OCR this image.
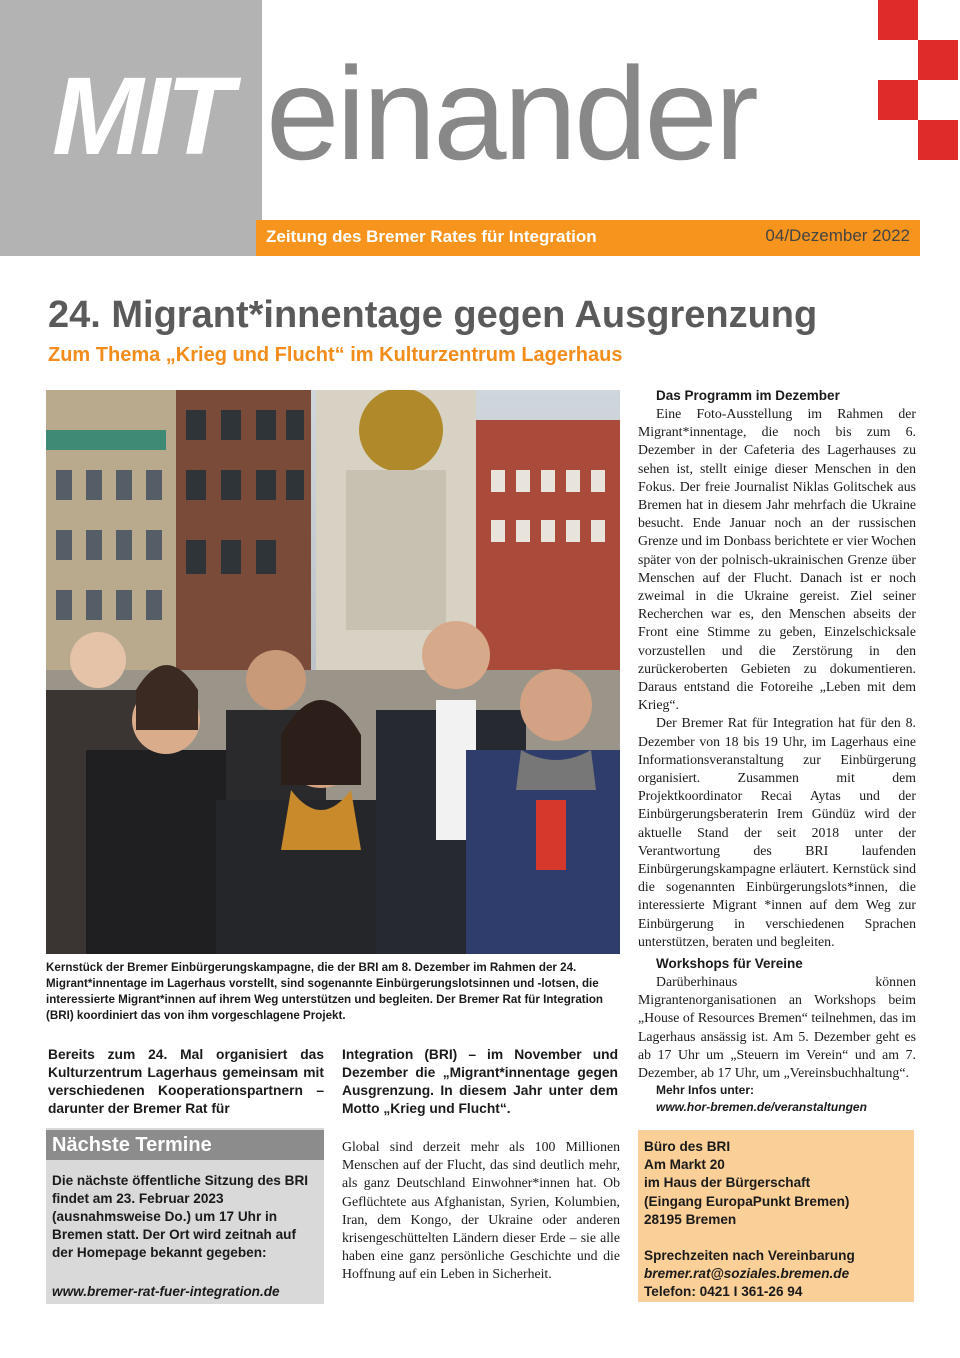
MIT einander
Zeitung des Bremer Rates für Integration	04/Dezember 2022
24. Migrant*innentage gegen Ausgrenzung
Zum Thema „Krieg und Flucht“ im Kulturzentrum Lagerhaus
Kernstück der Bremer Einbürgerungskampagne, die der BRI am 8. Dezember im Rahmen der 24. Migrant*innentage im Lagerhaus vorstellt, sind sogenannte Einbürgerungslotsinnen und -lotsen, die interessierte Migrant*innen auf ihrem Weg unterstützen und begleiten. Der Bremer Rat für Integration (BRI) koordiniert das von ihm vorgeschlagene Projekt.
Das Programm im Dezember

Eine Foto-Ausstellung im Rahmen der Migrant*innentage, die noch bis zum 6. Dezember in der Cafeteria des Lagerhauses zu sehen ist, stellt einige dieser Menschen in den Fokus. Der freie Journalist Niklas Golitschek aus Bremen hat in diesem Jahr mehrfach die Ukraine besucht. Ende Januar noch an der russischen Grenze und im Donbass berichtete er vier Wochen später von der polnisch-ukrainischen Grenze über Menschen auf der Flucht. Danach ist er noch zweimal in die Ukraine gereist. Ziel seiner Recherchen war es, den Menschen abseits der Front eine Stimme zu geben, Einzelschicksale vorzustellen und die Zerstörung in den zurückeroberten Gebieten zu dokumentieren. Daraus entstand die Fotoreihe „Leben mit dem Krieg“.

Der Bremer Rat für Integration hat für den 8. Dezember von 18 bis 19 Uhr, im Lagerhaus eine Informationsveranstaltung zur Einbürgerung organisiert. Zusammen mit dem Projektkoordinator Recai Aytas und der Einbürgerungsberaterin Irem Gündüz wird der aktuelle Stand der seit 2018 unter der Verantwortung des BRI laufenden Einbürgerungskampagne erläutert. Kernstück sind die sogenannten Einbürgerungslots*innen, die interessierte Migrant *innen auf dem Weg zur Einbürgerung in verschiedenen Sprachen unterstützen, beraten und begleiten.

Workshops für Vereine

Darüberhinaus können Migrantenorganisationen an Workshops beim „House of Resources Bremen“ teilnehmen, das im Lagerhaus ansässig ist. Am 5. Dezember geht es ab 17 Uhr um „Steuern im Verein“ und am 7. Dezember, ab 17 Uhr, um „Vereinsbuchhaltung“.

Mehr Infos unter:
www.hor-bremen.de/veranstaltungen
Bereits zum 24. Mal organisiert das Kulturzentrum Lagerhaus gemeinsam mit verschiedenen Kooperationspartnern – darunter der Bremer Rat für
Integration (BRI) – im November und Dezember die „Migrant*innentage gegen Ausgrenzung. In diesem Jahr unter dem Motto „Krieg und Flucht“.
Nächste Termine
Die nächste öffentliche Sitzung des BRI findet am 23. Februar 2023 (ausnahmsweise Do.) um 17 Uhr in Bremen statt. Der Ort wird zeitnah auf der Homepage bekannt gegeben:
www.bremer-rat-fuer-integration.de
Global sind derzeit mehr als 100 Millionen Menschen auf der Flucht, das sind deutlich mehr, als ganz Deutschland Einwohner*innen hat. Ob Geflüchtete aus Afghanistan, Syrien, Kolumbien, Iran, dem Kongo, der Ukraine oder anderen krisengeschüttelten Ländern dieser Erde – sie alle haben eine ganz persönliche Geschichte und die Hoffnung auf ein Leben in Sicherheit.
Büro des BRI
Am Markt 20
im Haus der Bürgerschaft
(Eingang EuropaPunkt Bremen)
28195 Bremen
Sprechzeiten nach Vereinbarung
bremer.rat@soziales.bremen.de
Telefon: 0421 I 361-26 94
